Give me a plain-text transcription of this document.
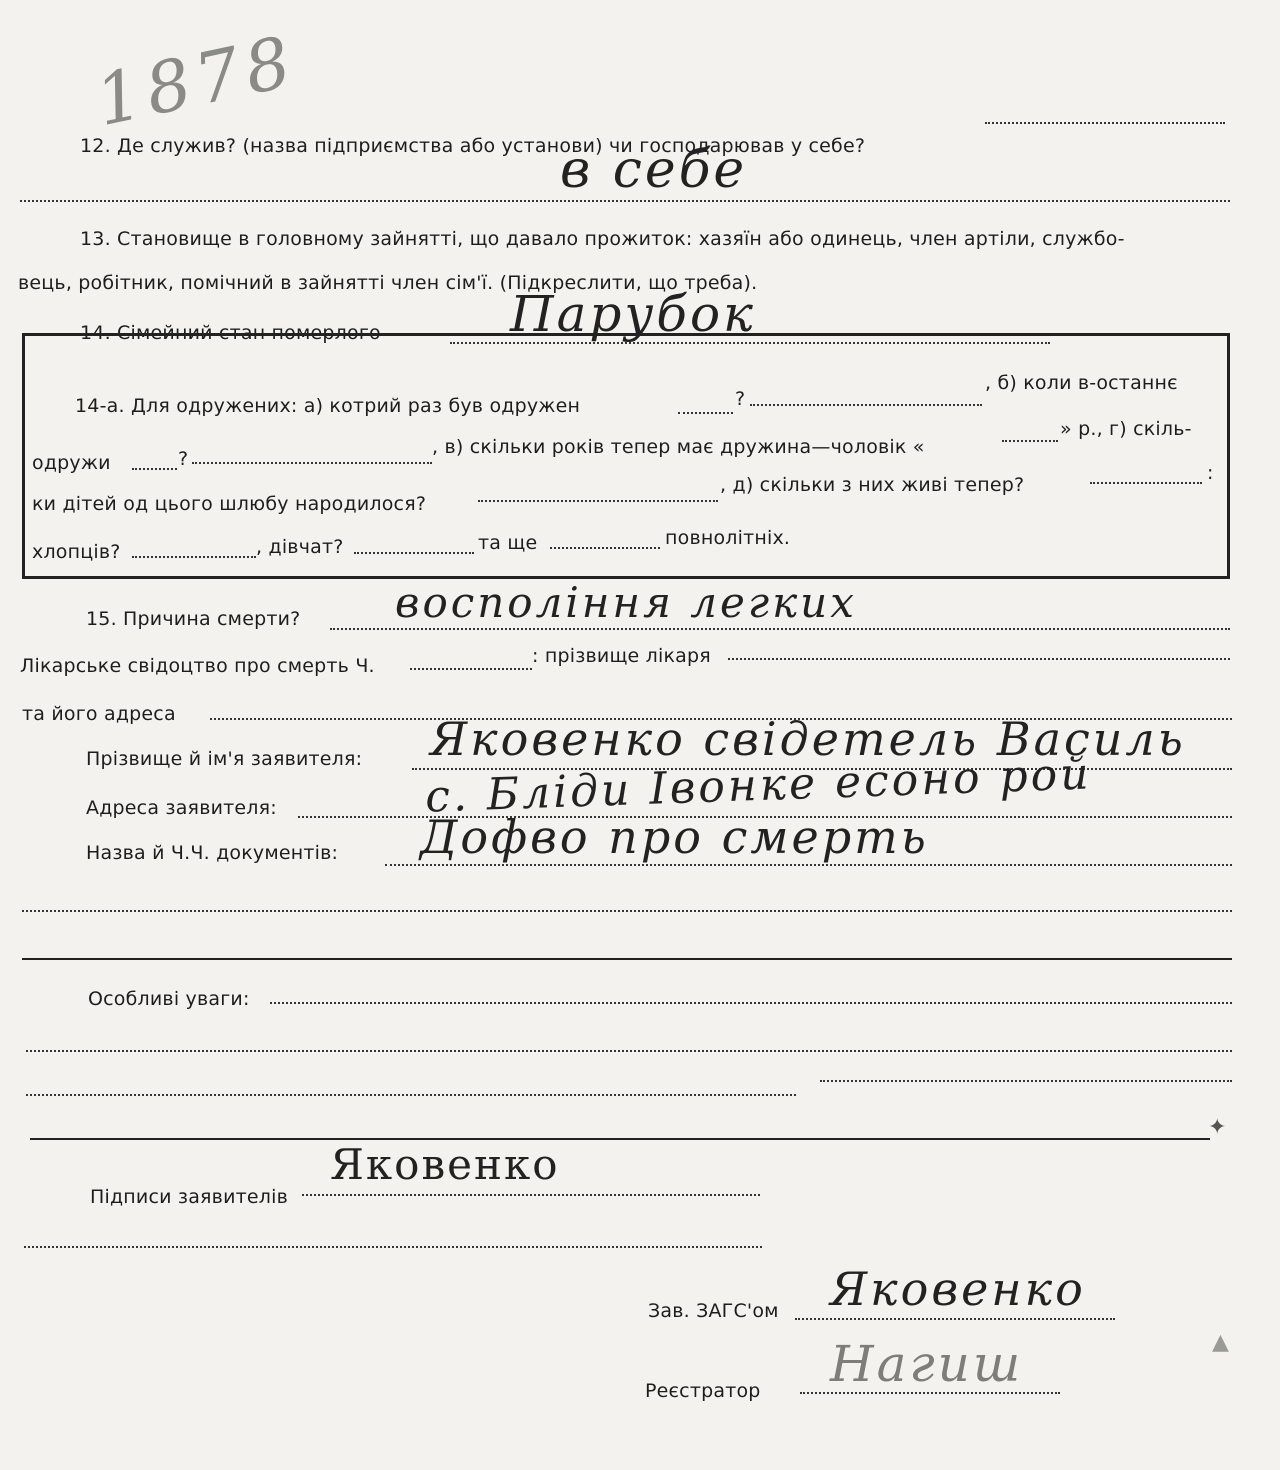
1878
12. Де служив? (назва підприємства або установи) чи господарював у себе?
в себе
13. Становище в головному зайнятті, що давало прожиток: хазяїн або одинець, член артіли, службо-
вець, робітник, помічний в зайнятті член сім'ї. (Підкреслити, що треба).
14. Сімейний стан померлого	Парубок
14-а. Для одружених: а) котрий раз був одружен	?
, б) коли в-останнє
одружи	?
, в) скільки років тепер має дружина—чоловік «
» р., г) скіль-
ки дітей од цього шлюбу народилося?
, д) скільки з них живі тепер?
:
хлопців?	, дівчат?	та ще	повнолітніх.
15. Причина смерти? воспоління легких
Лікарське свідоцтво про смерть Ч.	: прізвище лікаря
та його адреса
Прізвище й ім'я заявителя: Яковенко свідетель Василь
Адреса заявителя:	с. Бліди Івонке есоно рой
Назва й Ч.Ч. документів: Дофво про смерть
Особливі уваги:
✦
Підписи заявителів
Яковенко
Зав. ЗАГС'ом Яковенко
Реєстратор Нагиш	▲
